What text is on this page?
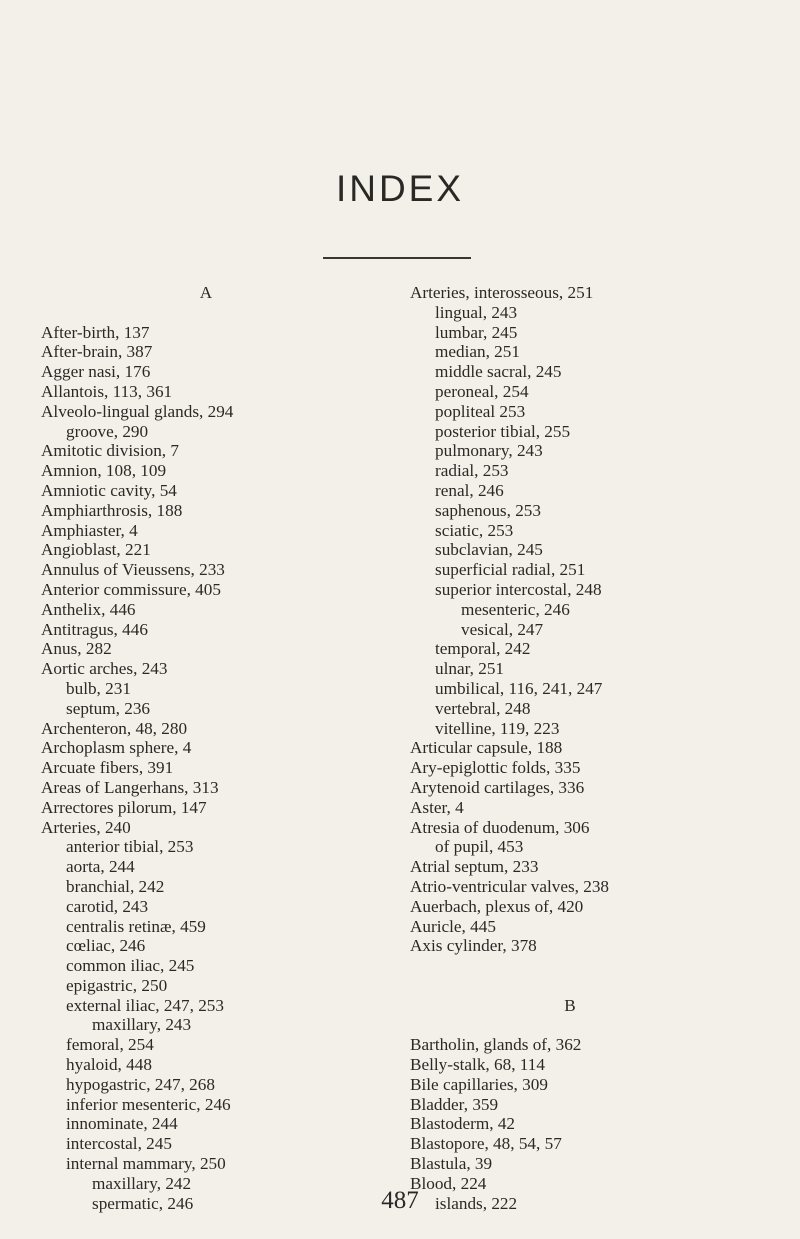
INDEX
A
After-birth, 137
After-brain, 387
Agger nasi, 176
Allantois, 113, 361
Alveolo-lingual glands, 294
groove, 290
Amitotic division, 7
Amnion, 108, 109
Amniotic cavity, 54
Amphiarthrosis, 188
Amphiaster, 4
Angioblast, 221
Annulus of Vieussens, 233
Anterior commissure, 405
Anthelix, 446
Antitragus, 446
Anus, 282
Aortic arches, 243
bulb, 231
septum, 236
Archenteron, 48, 280
Archoplasm sphere, 4
Arcuate fibers, 391
Areas of Langerhans, 313
Arrectores pilorum, 147
Arteries, 240
anterior tibial, 253
aorta, 244
branchial, 242
carotid, 243
centralis retinæ, 459
cœliac, 246
common iliac, 245
epigastric, 250
external iliac, 247, 253
maxillary, 243
femoral, 254
hyaloid, 448
hypogastric, 247, 268
inferior mesenteric, 246
innominate, 244
intercostal, 245
internal mammary, 250
maxillary, 242
spermatic, 246
Arteries, interosseous, 251
lingual, 243
lumbar, 245
median, 251
middle sacral, 245
peroneal, 254
popliteal 253
posterior tibial, 255
pulmonary, 243
radial, 253
renal, 246
saphenous, 253
sciatic, 253
subclavian, 245
superficial radial, 251
superior intercostal, 248
mesenteric, 246
vesical, 247
temporal, 242
ulnar, 251
umbilical, 116, 241, 247
vertebral, 248
vitelline, 119, 223
Articular capsule, 188
Ary-epiglottic folds, 335
Arytenoid cartilages, 336
Aster, 4
Atresia of duodenum, 306
of pupil, 453
Atrial septum, 233
Atrio-ventricular valves, 238
Auerbach, plexus of, 420
Auricle, 445
Axis cylinder, 378
B
Bartholin, glands of, 362
Belly-stalk, 68, 114
Bile capillaries, 309
Bladder, 359
Blastoderm, 42
Blastopore, 48, 54, 57
Blastula, 39
Blood, 224
islands, 222
487
